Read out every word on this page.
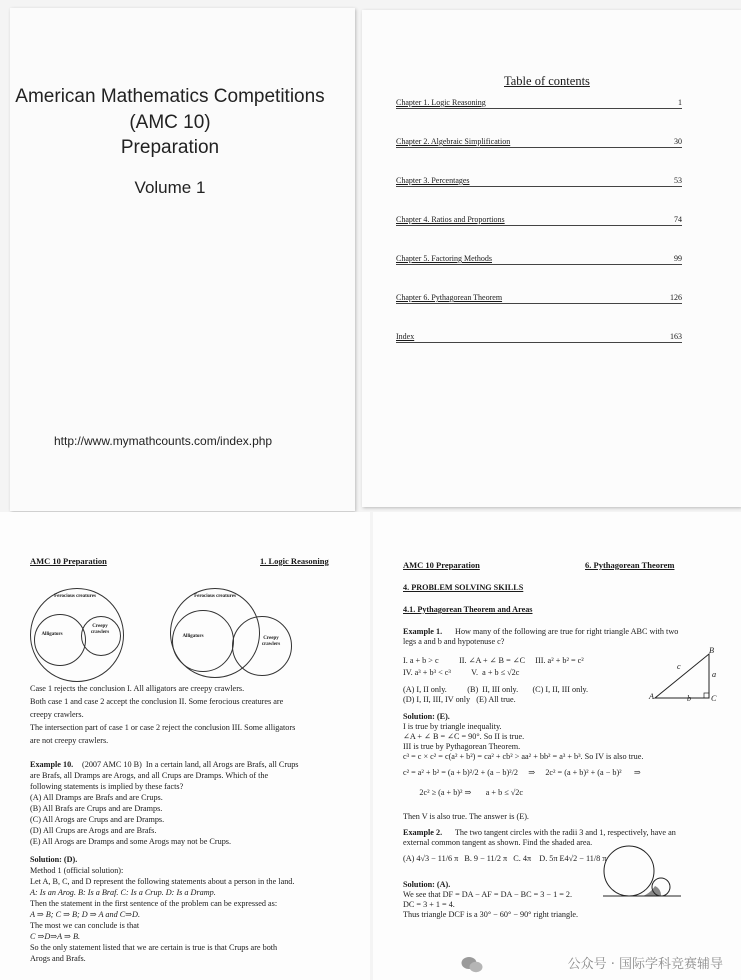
American Mathematics Competitions
(AMC 10)
Preparation
Volume 1
http://www.mymathcounts.com/index.php
Table of contents
Chapter 1. Logic Reasoning	1
Chapter 2. Algebraic Simplification	30
Chapter 3. Percentages	53
Chapter 4. Ratios and Proportions	74
Chapter 5. Factoring Methods	99
Chapter 6. Pythagorean Theorem	126
Index	163
AMC 10 Preparation	1. Logic Reasoning
Ferocious creatures
Alligators
Creepy crawlers
Ferocious creatures
Alligators	Creepy crawlers
Case 1 rejects the conclusion I. All alligators are creepy crawlers.
Both case 1 and case 2 accept the conclusion II. Some ferocious creatures are
creepy crawlers.
The intersection part of case 1 or case 2 reject the conclusion III. Some alligators
are not creepy crawlers.
Example 10. (2007 AMC 10 B)  In a certain land, all Arogs are Brafs, all Crups
are Brafs, all Dramps are Arogs, and all Crups are Dramps. Which of the
following statements is implied by these facts?
(A) All Dramps are Brafs and are Crups.
(B) All Brafs are Crups and are Dramps.
(C) All Arogs are Crups and are Dramps.
(D) All Crups are Arogs and are Brafs.
(E) All Arogs are Dramps and some Arogs may not be Crups.
Solution: (D).
Method 1 (official solution):
Let A, B, C, and D represent the following statements about a person in the land.
A: Is an Arog. B: Is a Braf. C: Is a Crup. D: Is a Dramp.
Then the statement in the first sentence of the problem can be expressed as:
A ⇒ B; C ⇒ B; D ⇒ A and C⇒D.
The most we can conclude is that
C ⇒D⇒A ⇒ B.
So the only statement listed that we are certain is true is that Crups are both
Arogs and Brafs.
AMC 10 Preparation	6. Pythagorean Theorem
4. PROBLEM SOLVING SKILLS
4.1. Pythagorean Theorem and Areas
Example 1. How many of the following are true for right triangle ABC with two
legs a and b and hypotenuse c?
I. a + b > c          II. ∠A + ∠ B = ∠C     III. a² + b² = c²
IV. a³ + b³ < c³          V.  a + b ≤ √2c
(A) I, II only.          (B)  II, III only.       (C) I, II, III only.
(D) I, II, III, IV only   (E) All true.	A
B
C
a
b
c
Solution: (E).
I is true by triangle inequality.
∠A + ∠ B = ∠C = 90°. So II is true.
III is true by Pythagorean Theorem.
c³ = c × c² = c(a² + b²) = ca² + cb² > aa² + bb² = a³ + b³. So IV is also true.
c² = a² + b² = (a + b)²/2 + (a − b)²/2     ⇒     2c² = (a + b)² + (a − b)²      ⇒
2c² ≥ (a + b)² ⇒       a + b ≤ √2c
Then V is also true. The answer is (E).
Example 2. The two tangent circles with the radii 3 and 1, respectively, have an
external common tangent as shown. Find the shaded area.
(A) 4√3 − 11/6 π   B. 9 − 11/2 π   C. 4π    D. 5π E4√2 − 11/8 π
Solution: (A).
We see that DF = DA − AF = DA − BC = 3 − 1 = 2.
DC = 3 + 1 = 4.
Thus triangle DCF is a 30° − 60° − 90° right triangle.
公众号 · 国际学科竞赛辅导
